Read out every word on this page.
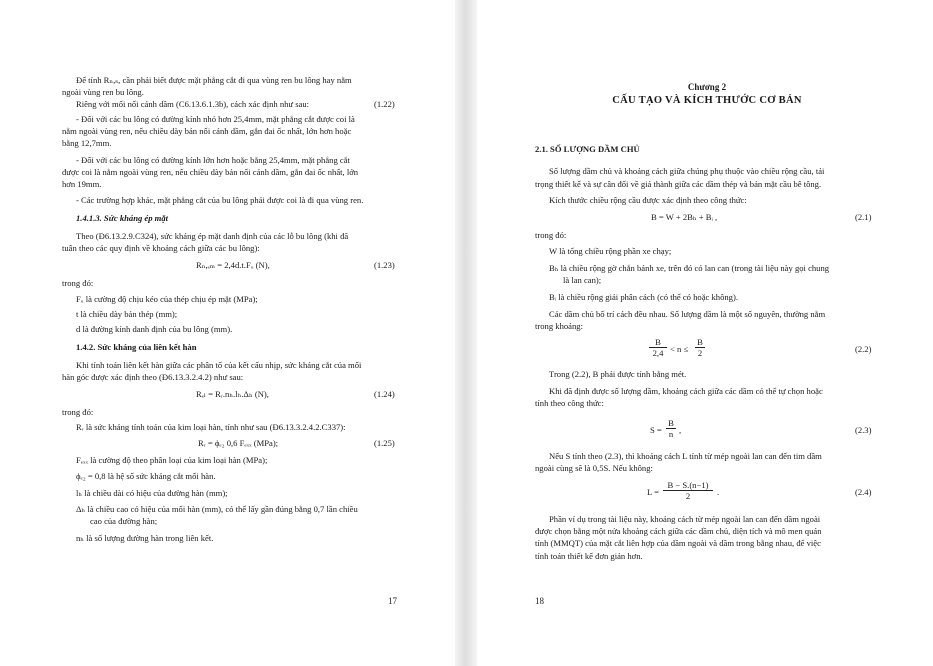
Để tính Rₙ,ₛ, cần phải biết được mặt phẳng cắt đi qua vùng ren bu lông hay nằm
ngoài vùng ren bu lông.
Riêng với mối nối cánh dầm (C6.13.6.1.3b), cách xác định như sau:	(1.22)
- Đối với các bu lông có đường kính nhỏ hơn 25,4mm, mặt phẳng cắt được coi là
nằm ngoài vùng ren, nếu chiều dày bản nối cánh dầm, gắn đai ốc nhất, lớn hơn hoặc
bằng 12,7mm.
- Đối với các bu lông có đường kính lớn hơn hoặc bằng 25,4mm, mặt phẳng cắt
được coi là nằm ngoài vùng ren, nếu chiều dày bản nối cánh dầm, gắn đai ốc nhất, lớn
hơn 19mm.
- Các trường hợp khác, mặt phẳng cắt của bu lông phải được coi là đi qua vùng ren.
1.4.1.3. Sức kháng ép mặt
Theo (Đ6.13.2.9.C324), sức kháng ép mặt danh định của các lỗ bu lông (khi đã
tuân theo các quy định về khoảng cách giữa các bu lông):
Rₙ,ₑₘ = 2,4d.t.Fᵤ (N),	(1.23)
trong đó:
Fᵤ là cường độ chịu kéo của thép chịu ép mặt (MPa);
t là chiều dày bản thép (mm);
d là đường kính danh định của bu lông (mm).
1.4.2. Sức kháng của liên kết hàn
Khi tính toán liên kết hàn giữa các phân tố của kết cấu nhịp, sức kháng cắt của mối
hàn góc được xác định theo (Đ6.13.3.2.4.2) như sau:
Rₑₗ = Rᵣ.nₕ.lₕ.Δₕ (N),	(1.24)
trong đó:
Rᵣ là sức kháng tính toán của kim loại hàn, tính như sau (Đ6.13.3.2.4.2.C337):
Rᵣ = ϕₑ₂ 0,6 Fₑₓₓ (MPa);	(1.25)
Fₑₓₓ là cường độ theo phân loại của kim loại hàn (MPa);
ϕₑ₂ = 0,8 là hệ số sức kháng cắt mối hàn.
lₕ là chiều dài có hiệu của đường hàn (mm);
Δₕ là chiều cao có hiệu của mối hàn (mm), có thể lấy gần đúng bằng 0,7 lần chiều
cao của đường hàn;
nₕ là số lượng đường hàn trong liên kết.
17
Chương 2
CẤU TẠO VÀ KÍCH THƯỚC CƠ BẢN
2.1. SỐ LƯỢNG DẦM CHỦ
Số lượng dầm chủ và khoảng cách giữa chúng phụ thuộc vào chiều rộng cầu, tải
trọng thiết kế và sự cân đối về giá thành giữa các dầm thép và bản mặt cầu bê tông.
Kích thước chiều rộng cầu được xác định theo công thức:
B = W + 2Bₕ + Bᵢ ,	(2.1)
trong đó:
W là tổng chiều rộng phần xe chạy;
Bₕ là chiều rộng gờ chắn bánh xe, trên đó có lan can (trong tài liệu này gọi chung
là lan can);
Bᵢ là chiều rộng giải phân cách (có thể có hoặc không).
Các dầm chủ bố trí cách đều nhau. Số lượng dầm là một số nguyên, thường nằm
trong khoảng:
$\frac{B}{2,4} < n \le \frac{B}{2}$	(2.2)
Trong (2.2), B phải được tính bằng mét.
Khi đã định được số lượng dầm, khoảng cách giữa các dầm có thể tự chọn hoặc
tính theo công thức:
$S = \frac{B}{n}$ ,	(2.3)
Nếu S tính theo (2.3), thì khoảng cách L tính từ mép ngoài lan can đến tim dầm
ngoài cùng sẽ là 0,5S. Nếu không:
$L = \frac{B - S.(n-1)}{2}$ .	(2.4)
Phần ví dụ trong tài liệu này, khoảng cách từ mép ngoài lan can đến dầm ngoài
được chọn bằng một nửa khoảng cách giữa các dầm chủ, diện tích và mô men quán
tính (MMQT) của mặt cắt liên hợp của dầm ngoài và dầm trong bằng nhau, để việc
tính toán thiết kế đơn giản hơn.
18
